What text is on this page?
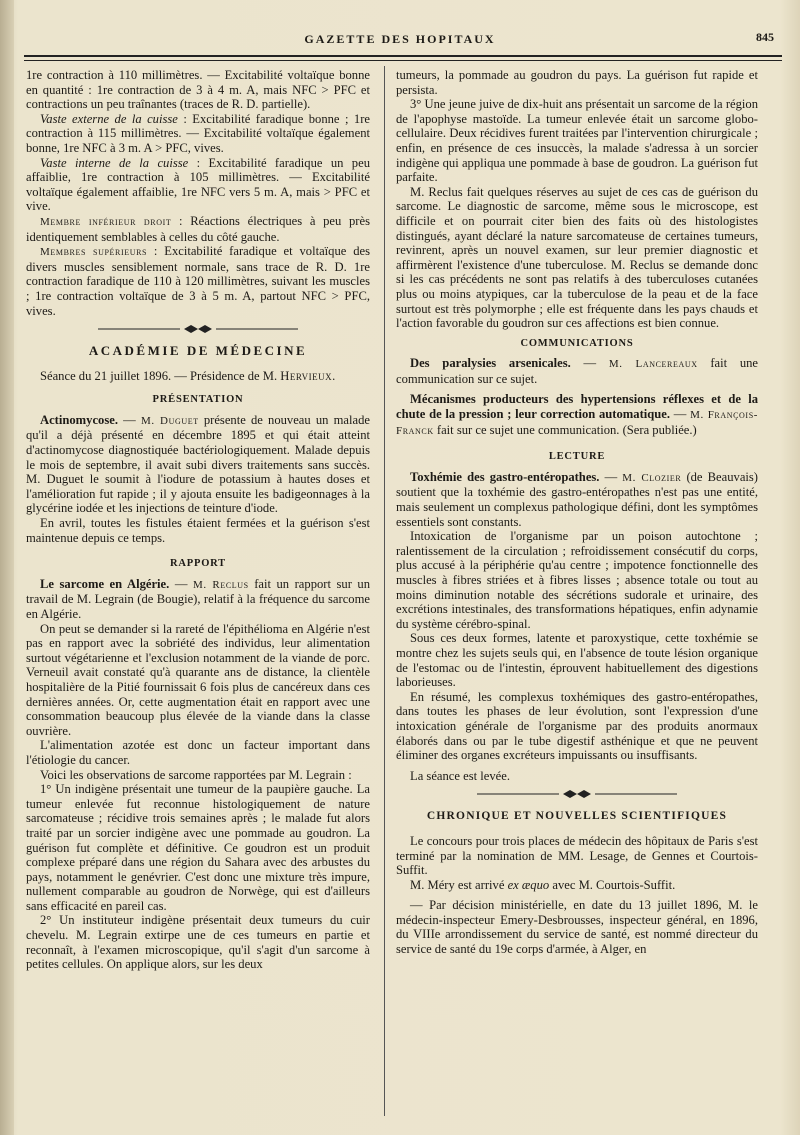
GAZETTE DES HOPITAUX	845

1re contraction à 110 millimètres. — Excitabilité voltaïque bonne en quantité : 1re contraction de 3 à 4 m. A, mais NFC > PFC et contractions un peu traînantes (traces de R. D. partielle).

Vaste externe de la cuisse : Excitabilité faradique bonne ; 1re contraction à 115 millimètres. — Excitabilité voltaïque également bonne, 1re NFC à 3 m. A > PFC, vives.

Vaste interne de la cuisse : Excitabilité faradique un peu affaiblie, 1re contraction à 105 millimètres. — Excitabilité voltaïque également affaiblie, 1re NFC vers 5 m. A, mais > PFC et vive.

Membre inférieur droit : Réactions électriques à peu près identiquement semblables à celles du côté gauche.

Membres supérieurs : Excitabilité faradique et voltaïque des divers muscles sensiblement normale, sans trace de R. D. 1re contraction faradique de 110 à 120 millimètres, suivant les muscles ; 1re contraction voltaïque de 3 à 5 m. A, partout NFC > PFC, vives.

ACADÉMIE DE MÉDECINE

Séance du 21 juillet 1896. — Présidence de M. Hervieux.

PRÉSENTATION

Actinomycose. — M. Duguet présente de nouveau un malade qu'il a déjà présenté en décembre 1895 et qui était atteint d'actinomycose diagnostiquée bactériologiquement. Malade depuis le mois de septembre, il avait subi divers traitements sans succès. M. Duguet le soumit à l'iodure de potassium à hautes doses et l'amélioration fut rapide ; il y ajouta ensuite les badigeonnages à la glycérine iodée et les injections de teinture d'iode.

En avril, toutes les fistules étaient fermées et la guérison s'est maintenue depuis ce temps.

RAPPORT

Le sarcome en Algérie. — M. Reclus fait un rapport sur un travail de M. Legrain (de Bougie), relatif à la fréquence du sarcome en Algérie.

On peut se demander si la rareté de l'épithélioma en Algérie n'est pas en rapport avec la sobriété des individus, leur alimentation surtout végétarienne et l'exclusion notamment de la viande de porc. Verneuil avait constaté qu'à quarante ans de distance, la clientèle hospitalière de la Pitié fournissait 6 fois plus de cancéreux dans ces dernières années. Or, cette augmentation était en rapport avec une consommation beaucoup plus élevée de la viande dans la classe ouvrière.

L'alimentation azotée est donc un facteur important dans l'étiologie du cancer.

Voici les observations de sarcome rapportées par M. Legrain :

1° Un indigène présentait une tumeur de la paupière gauche. La tumeur enlevée fut reconnue histologiquement de nature sarcomateuse ; récidive trois semaines après ; le malade fut alors traité par un sorcier indigène avec une pommade au goudron. La guérison fut complète et définitive. Ce goudron est un produit complexe préparé dans une région du Sahara avec des arbustes du pays, notamment le genévrier. C'est donc une mixture très impure, nullement comparable au goudron de Norwège, qui est d'ailleurs sans efficacité en pareil cas.

2° Un instituteur indigène présentait deux tumeurs du cuir chevelu. M. Legrain extirpe une de ces tumeurs en partie et reconnaît, à l'examen microscopique, qu'il s'agit d'un sarcome à petites cellules. On applique alors, sur les deux

tumeurs, la pommade au goudron du pays. La guérison fut rapide et persista.

3° Une jeune juive de dix-huit ans présentait un sarcome de la région de l'apophyse mastoïde. La tumeur enlevée était un sarcome globo-cellulaire. Deux récidives furent traitées par l'intervention chirurgicale ; enfin, en présence de ces insuccès, la malade s'adressa à un sorcier indigène qui appliqua une pommade à base de goudron. La guérison fut parfaite.

M. Reclus fait quelques réserves au sujet de ces cas de guérison du sarcome. Le diagnostic de sarcome, même sous le microscope, est difficile et on pourrait citer bien des faits où des histologistes distingués, ayant déclaré la nature sarcomateuse de certaines tumeurs, revinrent, après un nouvel examen, sur leur premier diagnostic et affirmèrent l'existence d'une tuberculose. M. Reclus se demande donc si les cas précédents ne sont pas relatifs à des tuberculoses cutanées plus ou moins atypiques, car la tuberculose de la peau et de la face surtout est très polymorphe ; elle est fréquente dans les pays chauds et l'action favorable du goudron sur ces affections est bien connue.

COMMUNICATIONS

Des paralysies arsenicales. — M. Lancereaux fait une communication sur ce sujet.

Mécanismes producteurs des hypertensions réflexes et de la chute de la pression ; leur correction automatique. — M. François-Franck fait sur ce sujet une communication. (Sera publiée.)

LECTURE

Toxhémie des gastro-entéropathes. — M. Clozier (de Beauvais) soutient que la toxhémie des gastro-entéropathes n'est pas une entité, mais seulement un complexus pathologique défini, dont les symptômes essentiels sont constants.

Intoxication de l'organisme par un poison autochtone ; ralentissement de la circulation ; refroidissement consécutif du corps, plus accusé à la périphérie qu'au centre ; impotence fonctionnelle des muscles à fibres striées et à fibres lisses ; absence totale ou tout au moins diminution notable des sécrétions sudorale et urinaire, des excrétions intestinales, des transformations hépatiques, enfin adynamie du système cérébro-spinal.

Sous ces deux formes, latente et paroxystique, cette toxhémie se montre chez les sujets seuls qui, en l'absence de toute lésion organique de l'estomac ou de l'intestin, éprouvent habituellement des digestions laborieuses.

En résumé, les complexus toxhémiques des gastro-entéropathes, dans toutes les phases de leur évolution, sont l'expression d'une intoxication générale de l'organisme par des produits anormaux élaborés dans ou par le tube digestif asthénique et que ne peuvent éliminer des organes excréteurs impuissants ou insuffisants.

La séance est levée.

CHRONIQUE ET NOUVELLES SCIENTIFIQUES

Le concours pour trois places de médecin des hôpitaux de Paris s'est terminé par la nomination de MM. Lesage, de Gennes et Courtois-Suffit.

M. Méry est arrivé ex æquo avec M. Courtois-Suffit.

— Par décision ministérielle, en date du 13 juillet 1896, M. le médecin-inspecteur Emery-Desbrousses, inspecteur général, en 1896, du VIIIe arrondissement du service de santé, est nommé directeur du service de santé du 19e corps d'armée, à Alger, en
